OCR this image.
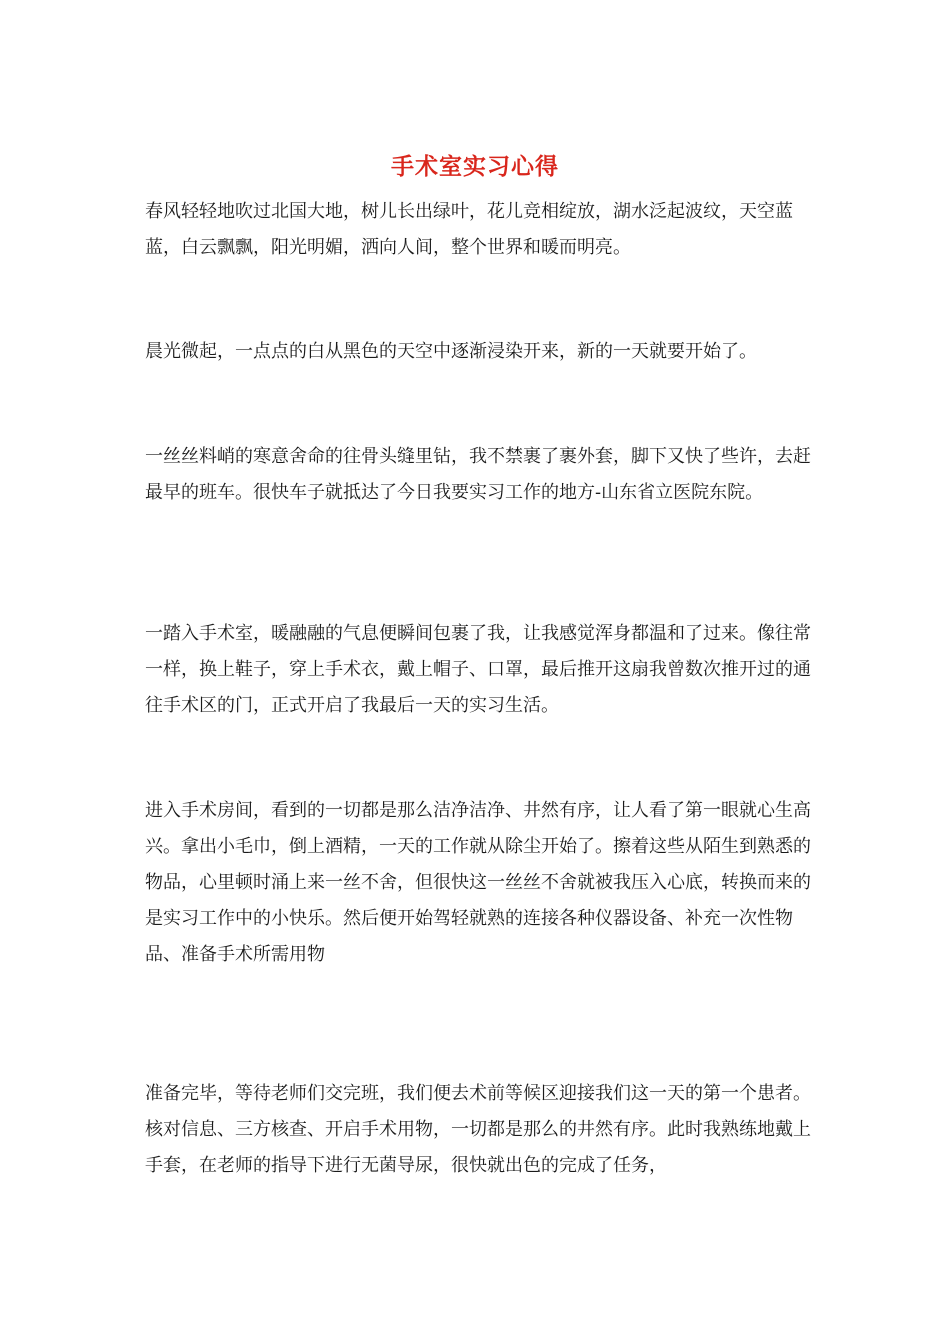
手术室实习心得

春风轻轻地吹过北国大地，树儿长出绿叶，花儿竞相绽放，湖水泛起波纹，天空蓝蓝，白云飘飘，阳光明媚，洒向人间，整个世界和暖而明亮。

晨光微起，一点点的白从黑色的天空中逐渐浸染开来，新的一天就要开始了。

一丝丝料峭的寒意舍命的往骨头缝里钻，我不禁裹了裹外套，脚下又快了些许，去赶最早的班车。很快车子就抵达了今日我要实习工作的地方-山东省立医院东院。

一踏入手术室，暖融融的气息便瞬间包裹了我，让我感觉浑身都温和了过来。像往常一样，换上鞋子，穿上手术衣，戴上帽子、口罩，最后推开这扇我曾数次推开过的通往手术区的门，正式开启了我最后一天的实习生活。

进入手术房间，看到的一切都是那么洁净洁净、井然有序，让人看了第一眼就心生高兴。拿出小毛巾，倒上酒精，一天的工作就从除尘开始了。擦着这些从陌生到熟悉的物品，心里顿时涌上来一丝不舍，但很快这一丝丝不舍就被我压入心底，转换而来的是实习工作中的小快乐。然后便开始驾轻就熟的连接各种仪器设备、补充一次性物品、准备手术所需用物

准备完毕，等待老师们交完班，我们便去术前等候区迎接我们这一天的第一个患者。核对信息、三方核查、开启手术用物，一切都是那么的井然有序。此时我熟练地戴上手套，在老师的指导下进行无菌导尿，很快就出色的完成了任务，
